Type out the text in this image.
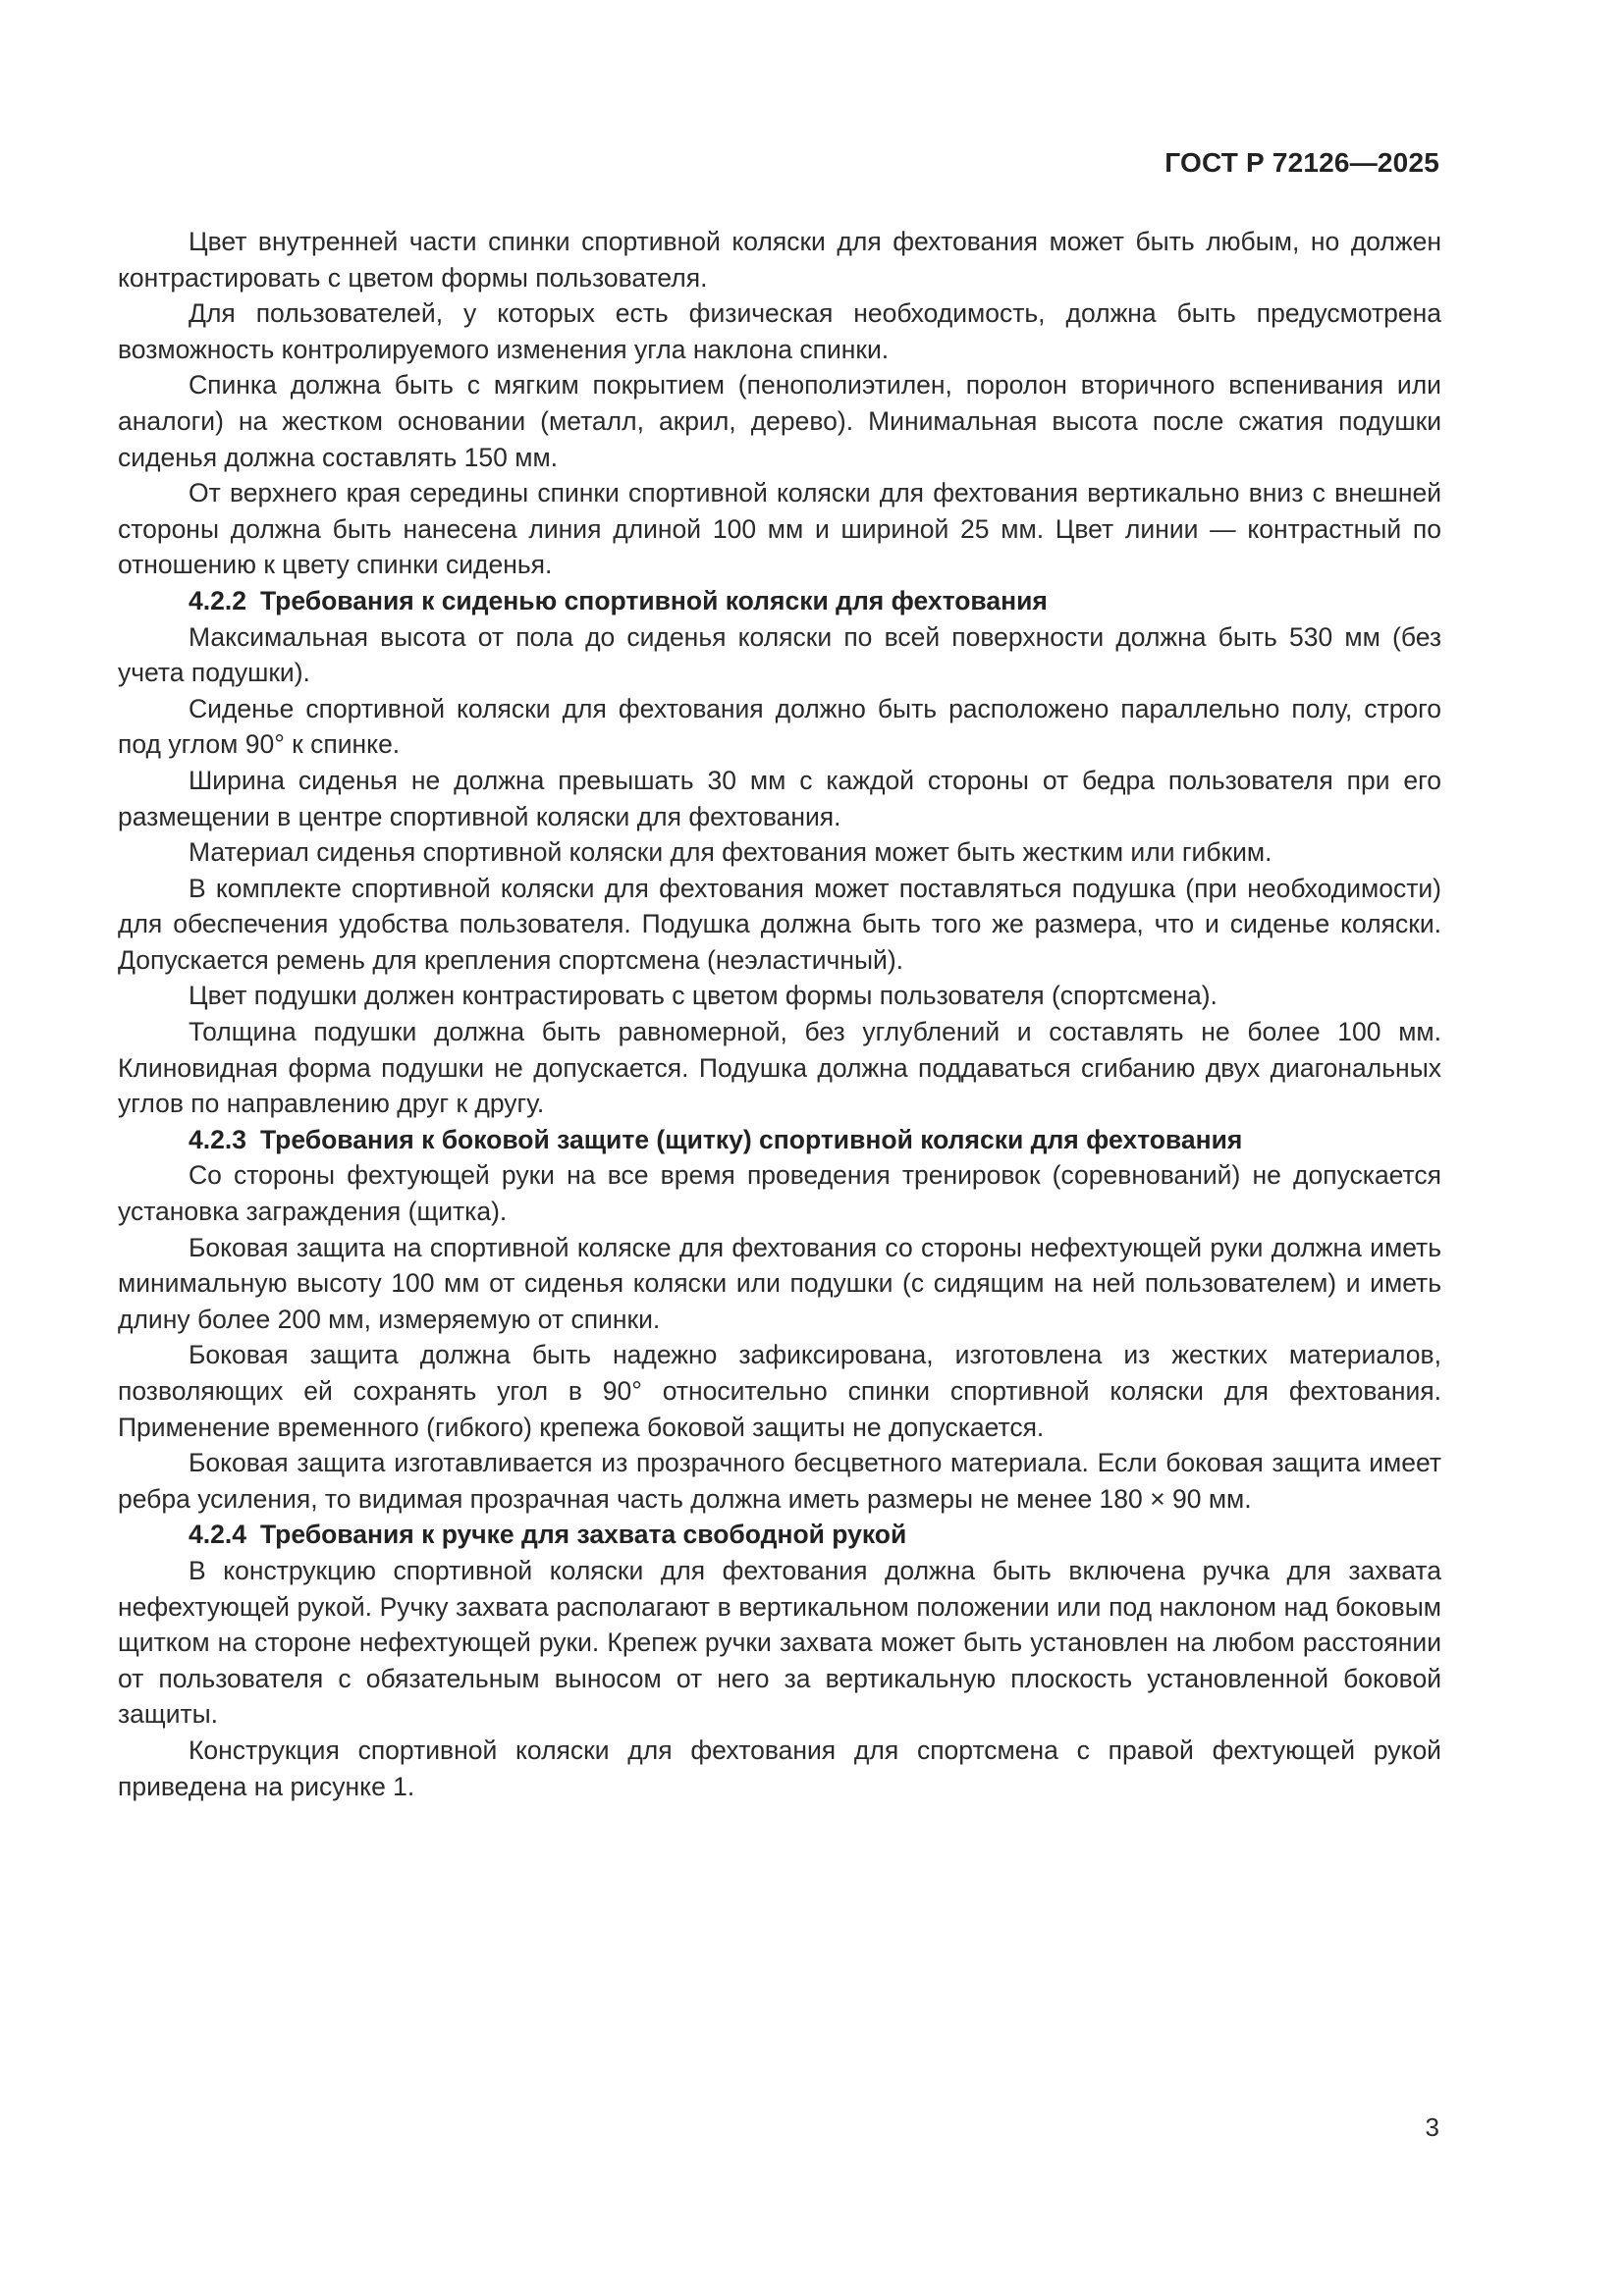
ГОСТ Р 72126—2025

Цвет внутренней части спинки спортивной коляски для фехтования может быть любым, но должен контрастировать с цветом формы пользователя.

Для пользователей, у которых есть физическая необходимость, должна быть предусмотрена возможность контролируемого изменения угла наклона спинки.

Спинка должна быть с мягким покрытием (пенополиэтилен, поролон вторичного вспенивания или аналоги) на жестком основании (металл, акрил, дерево). Минимальная высота после сжатия подушки сиденья должна составлять 150 мм.

От верхнего края середины спинки спортивной коляски для фехтования вертикально вниз с внешней стороны должна быть нанесена линия длиной 100 мм и шириной 25 мм. Цвет линии — контрастный по отношению к цвету спинки сиденья.

4.2.2 Требования к сиденью спортивной коляски для фехтования

Максимальная высота от пола до сиденья коляски по всей поверхности должна быть 530 мм (без учета подушки).

Сиденье спортивной коляски для фехтования должно быть расположено параллельно полу, строго под углом 90° к спинке.

Ширина сиденья не должна превышать 30 мм с каждой стороны от бедра пользователя при его размещении в центре спортивной коляски для фехтования.

Материал сиденья спортивной коляски для фехтования может быть жестким или гибким.

В комплекте спортивной коляски для фехтования может поставляться подушка (при необходимости) для обеспечения удобства пользователя. Подушка должна быть того же размера, что и сиденье коляски. Допускается ремень для крепления спортсмена (неэластичный).

Цвет подушки должен контрастировать с цветом формы пользователя (спортсмена).

Толщина подушки должна быть равномерной, без углублений и составлять не более 100 мм. Клиновидная форма подушки не допускается. Подушка должна поддаваться сгибанию двух диагональных углов по направлению друг к другу.

4.2.3 Требования к боковой защите (щитку) спортивной коляски для фехтования

Со стороны фехтующей руки на все время проведения тренировок (соревнований) не допускается установка заграждения (щитка).

Боковая защита на спортивной коляске для фехтования со стороны нефехтующей руки должна иметь минимальную высоту 100 мм от сиденья коляски или подушки (с сидящим на ней пользователем) и иметь длину более 200 мм, измеряемую от спинки.

Боковая защита должна быть надежно зафиксирована, изготовлена из жестких материалов, позволяющих ей сохранять угол в 90° относительно спинки спортивной коляски для фехтования. Применение временного (гибкого) крепежа боковой защиты не допускается.

Боковая защита изготавливается из прозрачного бесцветного материала. Если боковая защита имеет ребра усиления, то видимая прозрачная часть должна иметь размеры не менее 180 × 90 мм.

4.2.4 Требования к ручке для захвата свободной рукой

В конструкцию спортивной коляски для фехтования должна быть включена ручка для захвата нефехтующей рукой. Ручку захвата располагают в вертикальном положении или под наклоном над боковым щитком на стороне нефехтующей руки. Крепеж ручки захвата может быть установлен на любом расстоянии от пользователя с обязательным выносом от него за вертикальную плоскость установленной боковой защиты.

Конструкция спортивной коляски для фехтования для спортсмена с правой фехтующей рукой приведена на рисунке 1.

3
